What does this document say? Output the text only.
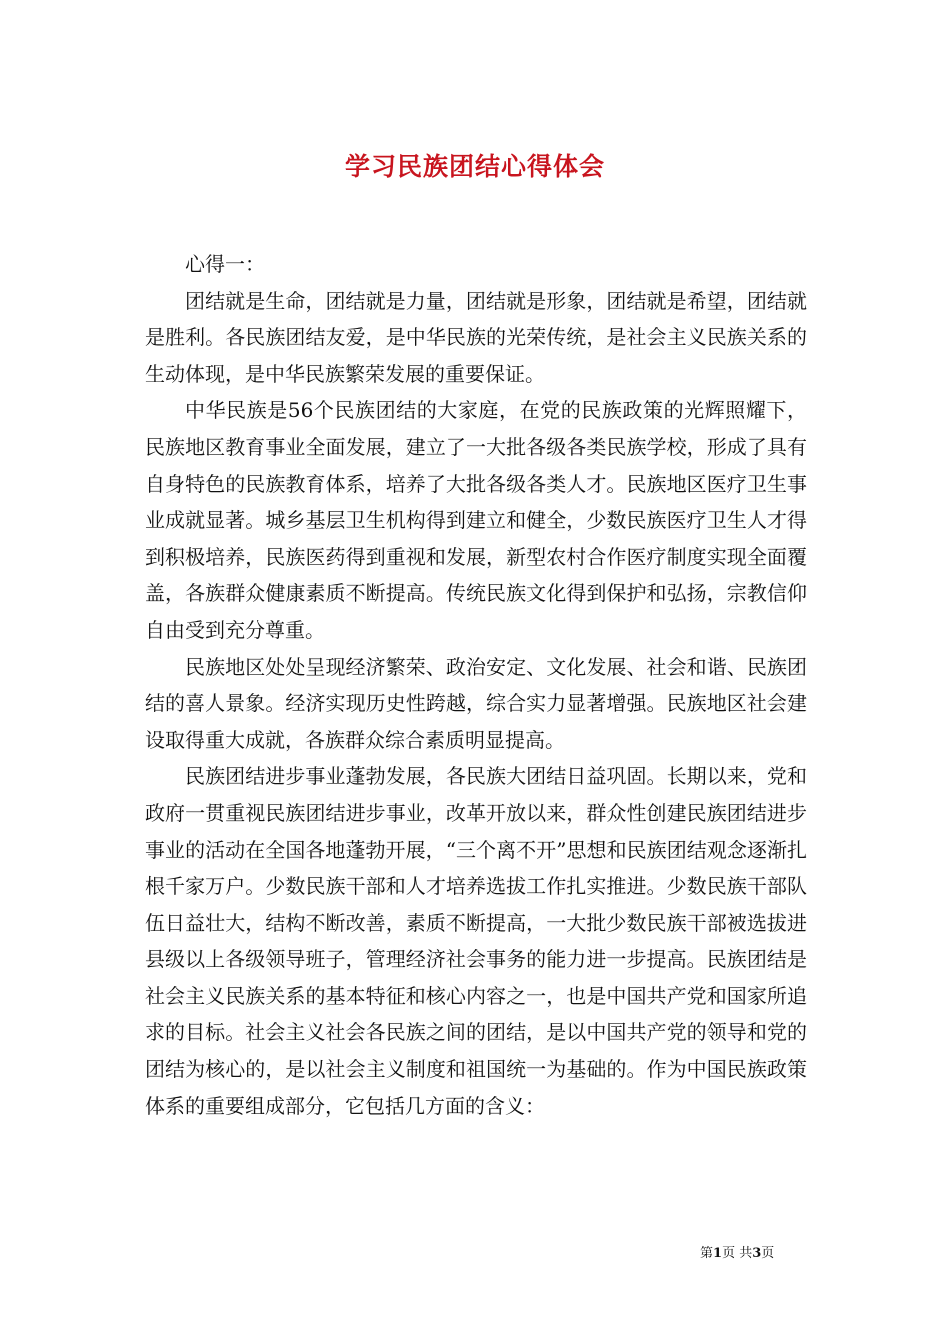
学习民族团结心得体会

心得一：

团结就是生命，团结就是力量，团结就是形象，团结就是希望，团结就是胜利。各民族团结友爱，是中华民族的光荣传统，是社会主义民族关系的生动体现，是中华民族繁荣发展的重要保证。

中华民族是56个民族团结的大家庭，在党的民族政策的光辉照耀下，民族地区教育事业全面发展，建立了一大批各级各类民族学校，形成了具有自身特色的民族教育体系，培养了大批各级各类人才。民族地区医疗卫生事业成就显著。城乡基层卫生机构得到建立和健全，少数民族医疗卫生人才得到积极培养，民族医药得到重视和发展，新型农村合作医疗制度实现全面覆盖，各族群众健康素质不断提高。传统民族文化得到保护和弘扬，宗教信仰自由受到充分尊重。

民族地区处处呈现经济繁荣、政治安定、文化发展、社会和谐、民族团结的喜人景象。经济实现历史性跨越，综合实力显著增强。民族地区社会建设取得重大成就，各族群众综合素质明显提高。

民族团结进步事业蓬勃发展，各民族大团结日益巩固。长期以来，党和政府一贯重视民族团结进步事业，改革开放以来，群众性创建民族团结进步事业的活动在全国各地蓬勃开展，“三个离不开”思想和民族团结观念逐渐扎根千家万户。少数民族干部和人才培养选拔工作扎实推进。少数民族干部队伍日益壮大，结构不断改善，素质不断提高，一大批少数民族干部被选拔进县级以上各级领导班子，管理经济社会事务的能力进一步提高。民族团结是社会主义民族关系的基本特征和核心内容之一，也是中国共产党和国家所追求的目标。社会主义社会各民族之间的团结，是以中国共产党的领导和党的团结为核心的，是以社会主义制度和祖国统一为基础的。作为中国民族政策体系的重要组成部分，它包括几方面的含义：

第1页 共3页
